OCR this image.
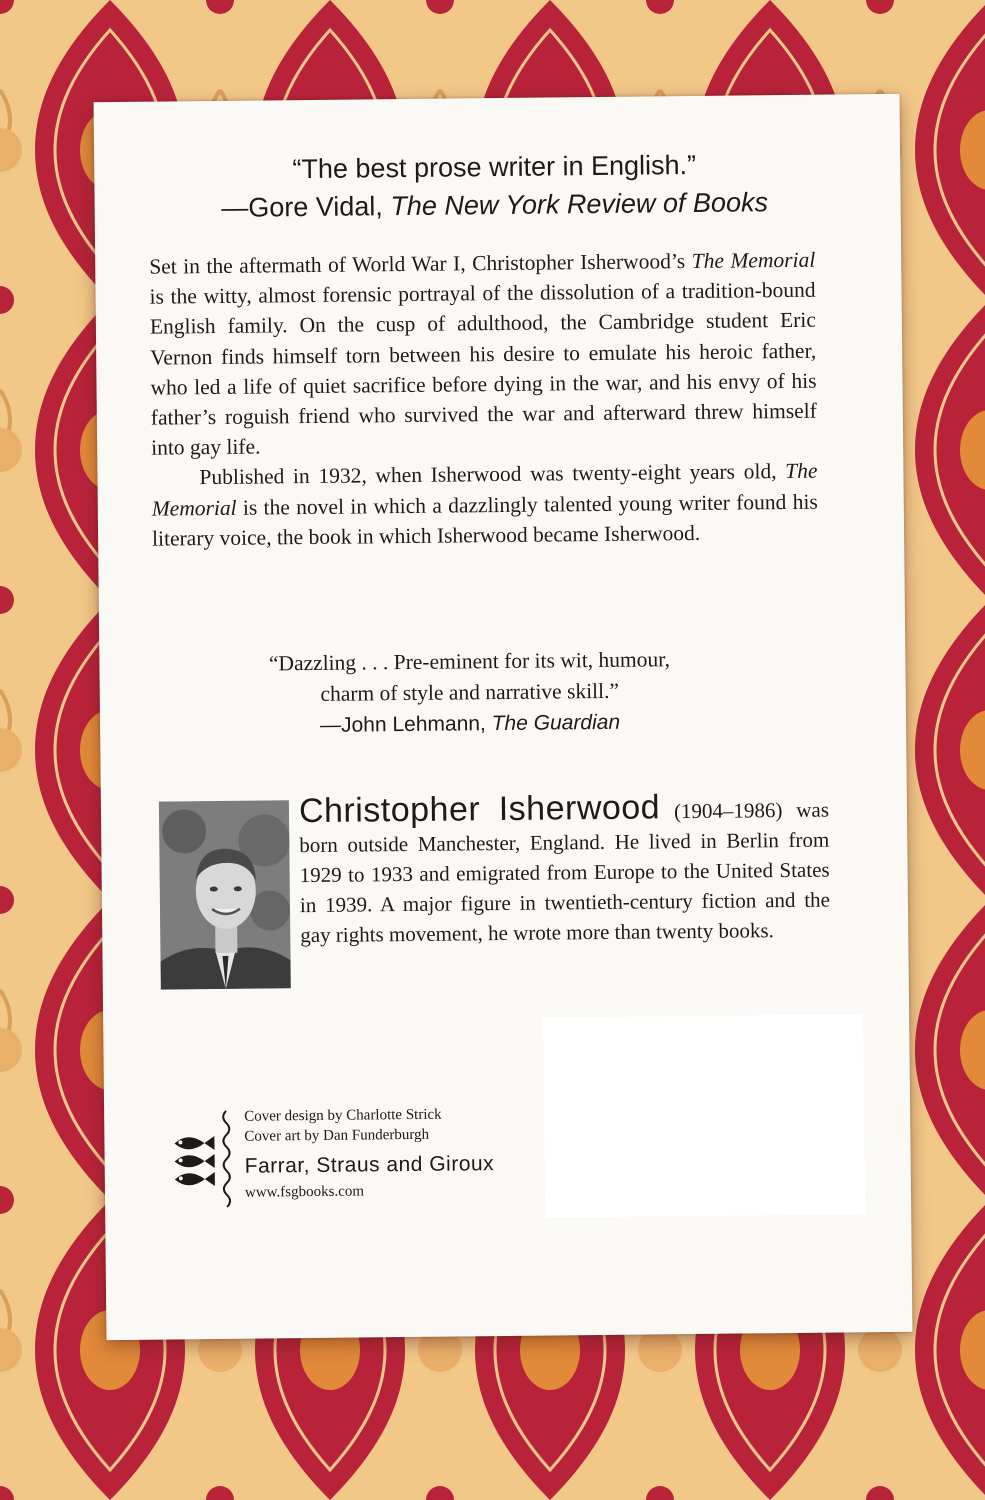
“The best prose writer in English.”
—Gore Vidal, The New York Review of Books

Set in the aftermath of World War I, Christopher Isherwood’s The Memorial is the witty, almost forensic portrayal of the dissolution of a tradition-bound English family. On the cusp of adulthood, the Cambridge student Eric Vernon finds himself torn between his desire to emulate his heroic father, who led a life of quiet sacrifice before dying in the war, and his envy of his father’s roguish friend who survived the war and afterward threw himself into gay life.

Published in 1932, when Isherwood was twenty-eight years old, The Memorial is the novel in which a dazzlingly talented young writer found his literary voice, the book in which Isherwood became Isherwood.

“Dazzling . . . Pre-eminent for its wit, humour,
charm of style and narrative skill.”
—John Lehmann, The Guardian
Christopher Isherwood (1904–1986) was born outside Manchester, England. He lived in Berlin from 1929 to 1933 and emigrated from Europe to the United States in 1939. A major figure in twentieth-century fiction and the gay rights movement, he wrote more than twenty books.
Cover design by Charlotte Strick
Cover art by Dan Funderburgh
Farrar, Straus and Giroux
www.fsgbooks.com
